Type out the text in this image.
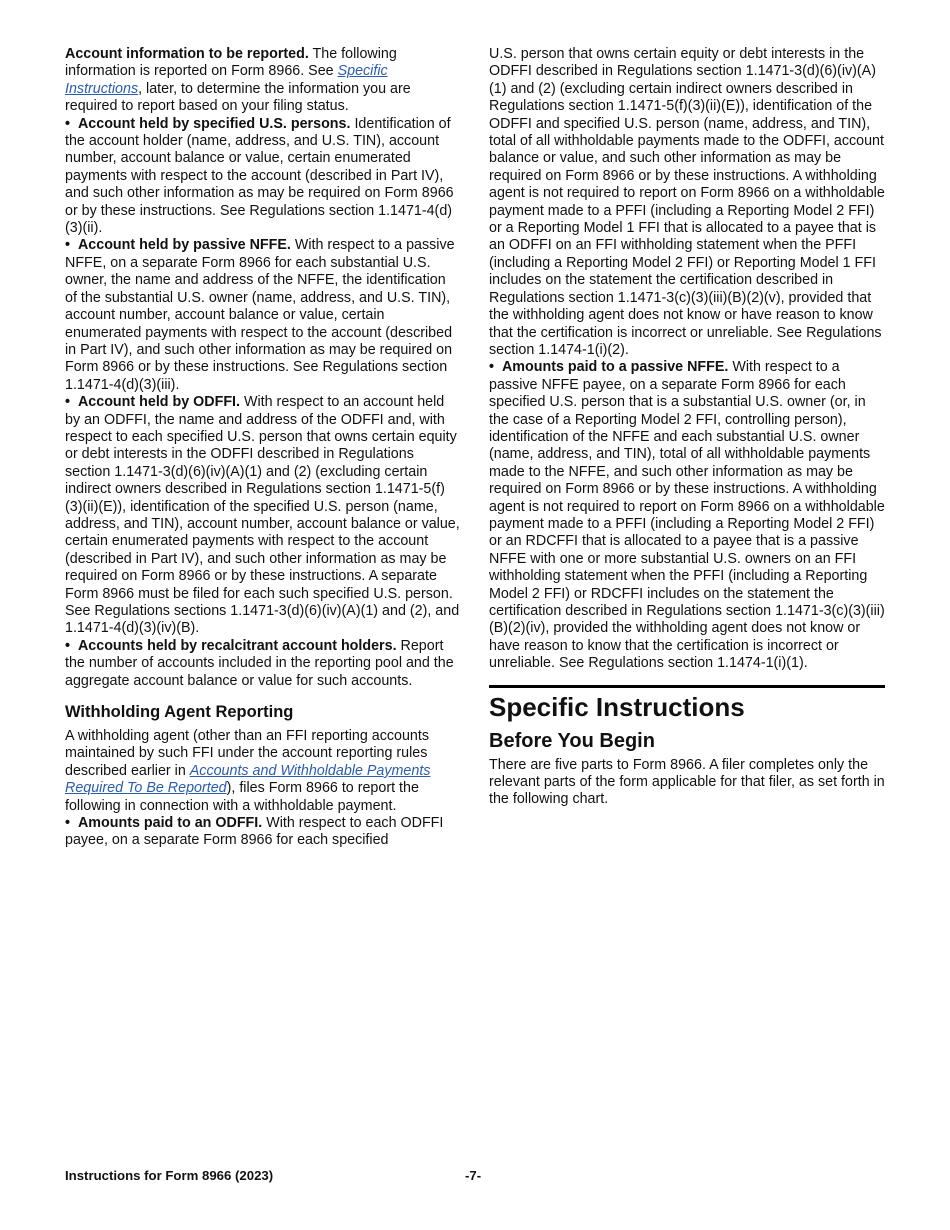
Account information to be reported. The following information is reported on Form 8966. See Specific Instructions, later, to determine the information you are required to report based on your filing status.

• Account held by specified U.S. persons. Identification of the account holder (name, address, and U.S. TIN), account number, account balance or value, certain enumerated payments with respect to the account (described in Part IV), and such other information as may be required on Form 8966 or by these instructions. See Regulations section 1.1471-4(d)(3)(ii).

• Account held by passive NFFE. With respect to a passive NFFE, on a separate Form 8966 for each substantial U.S. owner, the name and address of the NFFE, the identification of the substantial U.S. owner (name, address, and U.S. TIN), account number, account balance or value, certain enumerated payments with respect to the account (described in Part IV), and such other information as may be required on Form 8966 or by these instructions. See Regulations section 1.1471-4(d)(3)(iii).

• Account held by ODFFI. With respect to an account held by an ODFFI, the name and address of the ODFFI and, with respect to each specified U.S. person that owns certain equity or debt interests in the ODFFI described in Regulations section 1.1471-3(d)(6)(iv)(A)(1) and (2) (excluding certain indirect owners described in Regulations section 1.1471-5(f)(3)(ii)(E)), identification of the specified U.S. person (name, address, and TIN), account number, account balance or value, certain enumerated payments with respect to the account (described in Part IV), and such other information as may be required on Form 8966 or by these instructions. A separate Form 8966 must be filed for each such specified U.S. person. See Regulations sections 1.1471-3(d)(6)(iv)(A)(1) and (2), and 1.1471-4(d)(3)(iv)(B).

• Accounts held by recalcitrant account holders. Report the number of accounts included in the reporting pool and the aggregate account balance or value for such accounts.

Withholding Agent Reporting

A withholding agent (other than an FFI reporting accounts maintained by such FFI under the account reporting rules described earlier in Accounts and Withholdable Payments Required To Be Reported), files Form 8966 to report the following in connection with a withholdable payment.

• Amounts paid to an ODFFI. With respect to each ODFFI payee, on a separate Form 8966 for each specified

U.S. person that owns certain equity or debt interests in the ODFFI described in Regulations section 1.1471-3(d)(6)(iv)(A)(1) and (2) (excluding certain indirect owners described in Regulations section 1.1471-5(f)(3)(ii)(E)), identification of the ODFFI and specified U.S. person (name, address, and TIN), total of all withholdable payments made to the ODFFI, account balance or value, and such other information as may be required on Form 8966 or by these instructions. A withholding agent is not required to report on Form 8966 on a withholdable payment made to a PFFI (including a Reporting Model 2 FFI) or a Reporting Model 1 FFI that is allocated to a payee that is an ODFFI on an FFI withholding statement when the PFFI (including a Reporting Model 2 FFI) or Reporting Model 1 FFI includes on the statement the certification described in Regulations section 1.1471-3(c)(3)(iii)(B)(2)(v), provided that the withholding agent does not know or have reason to know that the certification is incorrect or unreliable. See Regulations section 1.1474-1(i)(2).

• Amounts paid to a passive NFFE. With respect to a passive NFFE payee, on a separate Form 8966 for each specified U.S. person that is a substantial U.S. owner (or, in the case of a Reporting Model 2 FFI, controlling person), identification of the NFFE and each substantial U.S. owner (name, address, and TIN), total of all withholdable payments made to the NFFE, and such other information as may be required on Form 8966 or by these instructions. A withholding agent is not required to report on Form 8966 on a withholdable payment made to a PFFI (including a Reporting Model 2 FFI) or an RDCFFI that is allocated to a payee that is a passive NFFE with one or more substantial U.S. owners on an FFI withholding statement when the PFFI (including a Reporting Model 2 FFI) or RDCFFI includes on the statement the certification described in Regulations section 1.1471-3(c)(3)(iii)(B)(2)(iv), provided the withholding agent does not know or have reason to know that the certification is incorrect or unreliable. See Regulations section 1.1474-1(i)(1).

Specific Instructions
Before You Begin

There are five parts to Form 8966. A filer completes only the relevant parts of the form applicable for that filer, as set forth in the following chart.

Instructions for Form 8966 (2023)	-7-
